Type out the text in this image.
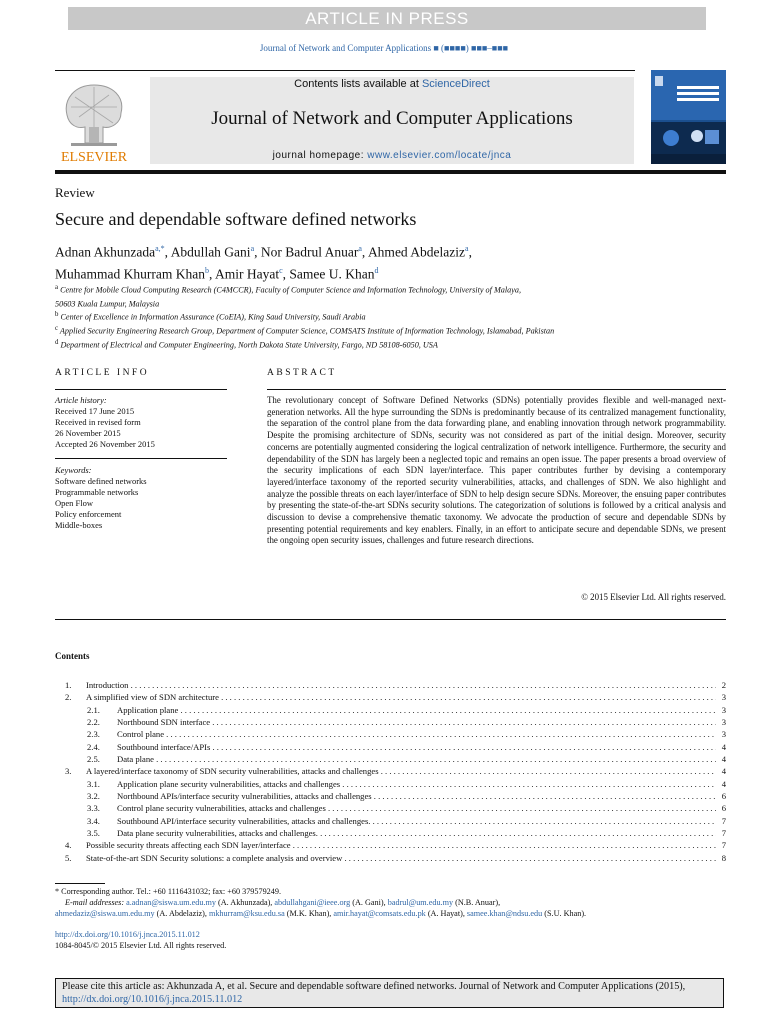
ARTICLE IN PRESS
Journal of Network and Computer Applications ■ (■■■■) ■■■–■■■
ELSEVIER
Contents lists available at ScienceDirect
Journal of Network and Computer Applications
journal homepage: www.elsevier.com/locate/jnca
Review
Secure and dependable software defined networks
Adnan Akhunzada$^{a,*}$, Abdullah Gani$^a$, Nor Badrul Anuar$^a$, Ahmed Abdelaziz$^a$,
Muhammad Khurram Khan$^b$, Amir Hayat$^c$, Samee U. Khan$^d$
$^a$ Centre for Mobile Cloud Computing Research (C4MCCR), Faculty of Computer Science and Information Technology, University of Malaya,
50603 Kuala Lumpur, Malaysia
$^b$ Center of Excellence in Information Assurance (CoEIA), King Saud University, Saudi Arabia
$^c$ Applied Security Engineering Research Group, Department of Computer Science, COMSATS Institute of Information Technology, Islamabad, Pakistan
$^d$ Department of Electrical and Computer Engineering, North Dakota State University, Fargo, ND 58108-6050, USA
ARTICLE INFO	ABSTRACT
Article history:
Received 17 June 2015
Received in revised form
26 November 2015
Accepted 26 November 2015
Keywords:
Software defined networks
Programmable networks
Open Flow
Policy enforcement
Middle-boxes
The revolutionary concept of Software Defined Networks (SDNs) potentially provides flexible and well-managed next-generation networks. All the hype surrounding the SDNs is predominantly because of its centralized management functionality, the separation of the control plane from the data forwarding plane, and enabling innovation through network programmability. Despite the promising architecture of SDNs, security was not considered as part of the initial design. Moreover, security concerns are potentially augmented considering the logical centralization of network intelligence. Furthermore, the security and dependability of the SDN has largely been a neglected topic and remains an open issue. The paper presents a broad overview of the security implications of each SDN layer/interface. This paper contributes further by devising a contemporary layered/interface taxonomy of the reported security vulnerabilities, attacks, and challenges of SDN. We also highlight and analyze the possible threats on each layer/interface of SDN to help design secure SDNs. Moreover, the ensuing paper contributes by presenting the state-of-the-art SDNs security solutions. The categorization of solutions is followed by a critical analysis and discussion to devise a comprehensive thematic taxonomy. We advocate the production of secure and dependable SDNs by presenting potential requirements and key enablers. Finally, in an effort to anticipate secure and dependable SDNs, we present the ongoing open security issues, challenges and future research directions.
© 2015 Elsevier Ltd. All rights reserved.
Contents
1. Introduction . . .	2
2. A simplified view of SDN architecture . . .	3
2.1. Application plane . . .	3
2.2. Northbound SDN interface . . .	3
2.3. Control plane . . .	3
2.4. Southbound interface/APIs . . .	4
2.5. Data plane . . .	4
3. A layered/interface taxonomy of SDN security vulnerabilities, attacks and challenges . . .	4
3.1. Application plane security vulnerabilities, attacks and challenges . . .	4
3.2. Northbound APIs/interface security vulnerabilities, attacks and challenges . . .	6
3.3. Control plane security vulnerabilities, attacks and challenges . . .	6
3.4. Southbound API/interface security vulnerabilities, attacks and challenges. . . .	7
3.5. Data plane security vulnerabilities, attacks and challenges. . . .	7
4. Possible security threats affecting each SDN layer/interface . . .	7
5. State-of-the-art SDN Security solutions: a complete analysis and overview . . .	8
* Corresponding author. Tel.: +60 1116431032; fax: +60 379579249.
E-mail addresses: a.adnan@siswa.um.edu.my (A. Akhunzada), abdullahgani@ieee.org (A. Gani), badrul@um.edu.my (N.B. Anuar),
ahmedaziz@siswa.um.edu.my (A. Abdelaziz), mkhurram@ksu.edu.sa (M.K. Khan), amir.hayat@comsats.edu.pk (A. Hayat), samee.khan@ndsu.edu (S.U. Khan).
http://dx.doi.org/10.1016/j.jnca.2015.11.012
1084-8045/© 2015 Elsevier Ltd. All rights reserved.
Please cite this article as: Akhunzada A, et al. Secure and dependable software defined networks. Journal of Network and Computer Applications (2015), http://dx.doi.org/10.1016/j.jnca.2015.11.012
